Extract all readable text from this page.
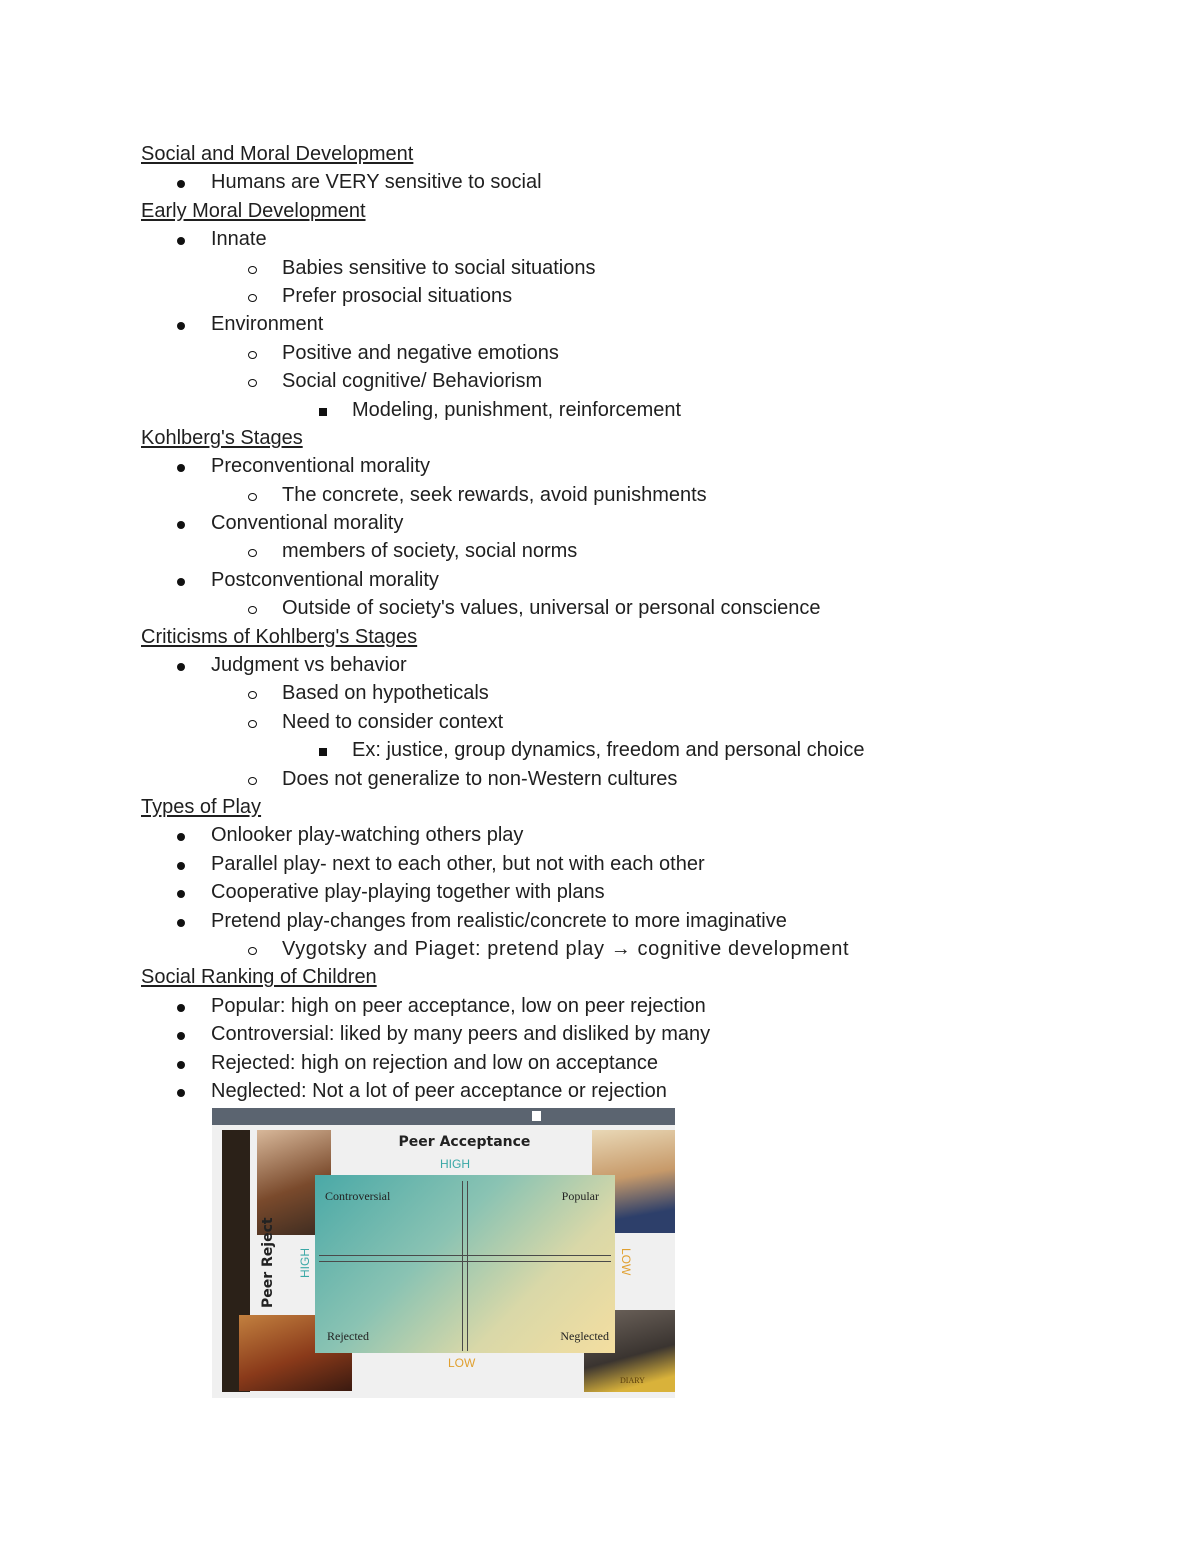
Social and Moral Development
Humans are VERY sensitive to social
Early Moral Development
Innate
Babies sensitive to social situations
Prefer prosocial situations
Environment
Positive and negative emotions
Social cognitive/ Behaviorism
Modeling, punishment, reinforcement
Kohlberg's Stages
Preconventional morality
The concrete, seek rewards, avoid punishments
Conventional morality
members of society, social norms
Postconventional morality
Outside of society's values, universal or personal conscience
Criticisms of Kohlberg's Stages
Judgment vs behavior
Based on hypotheticals
Need to consider context
Ex: justice, group dynamics, freedom and personal choice
Does not generalize to non-Western cultures
Types of Play
Onlooker play-watching others play
Parallel play- next to each other, but not with each other
Cooperative play-playing together with plans
Pretend play-changes from realistic/concrete to more imaginative
Vygotsky and Piaget: pretend play → cognitive development
Social Ranking of Children
Popular: high on peer acceptance, low on peer rejection
Controversial: liked by many peers and disliked by many
Rejected: high on rejection and low on acceptance
Neglected: Not a lot of peer acceptance or rejection
DIARY
Peer Acceptance
HIGH
LOW
Controversial	Popular
Rejected	Neglected
Peer Reject HIGH	LOW
